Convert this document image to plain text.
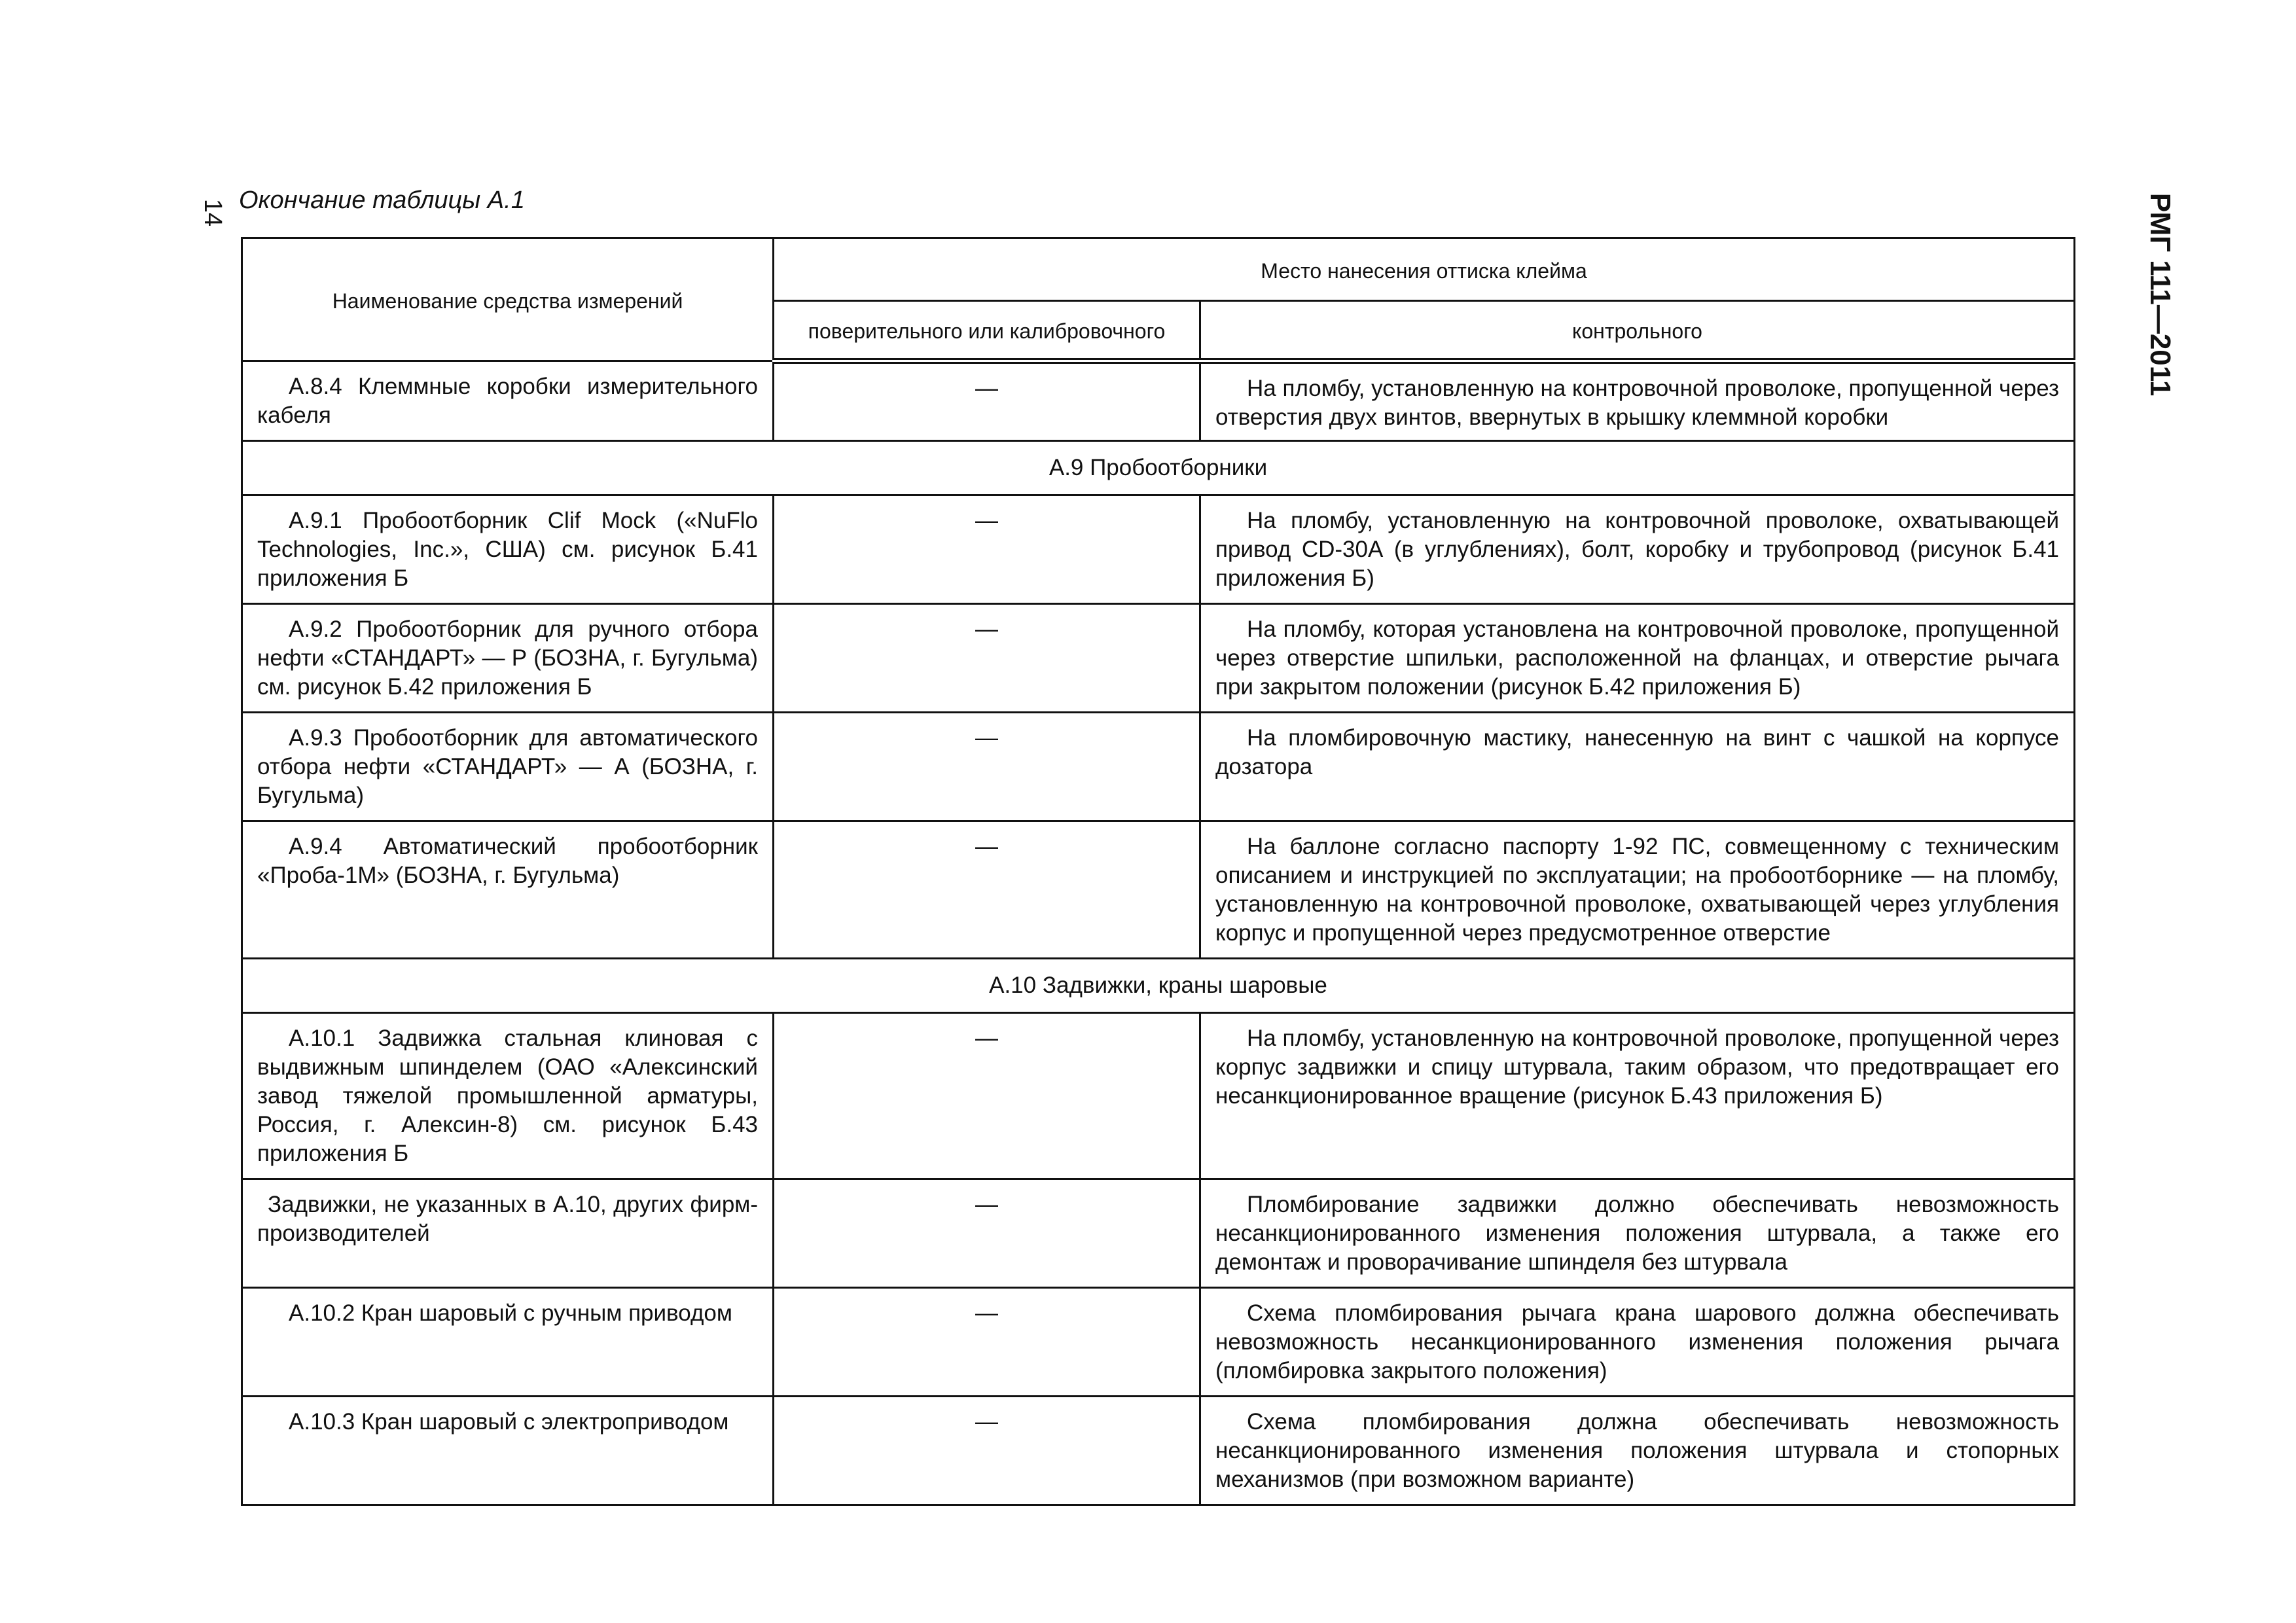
14 Окончание таблицы А.1	РМГ 111—2011
Наименование средства измерений	Место нанесения оттиска клейма	
	поверительного или калибровочного	контрольного
А.8.4 Клеммные коробки измерительного кабеля	—	На пломбу, установленную на контровочной проволоке, пропущенной через отверстия двух винтов, ввернутых в крышку клеммной коробки
А.9 Пробоотборники		
А.9.1 Пробоотборник Clif Mock («NuFlo Technologies, Inc.», США) см. рисунок Б.41 приложения Б	—	На пломбу, установленную на контровочной проволоке, охватывающей привод CD-30А (в углублениях), болт, коробку и трубопровод (рисунок Б.41 приложения Б)
А.9.2 Пробоотборник для ручного отбора нефти «СТАНДАРТ» — Р (БОЗНА, г. Бугульма) см. рисунок Б.42 приложения Б	—	На пломбу, которая установлена на контровочной проволоке, пропущенной через отверстие шпильки, расположенной на фланцах, и отверстие рычага при закрытом положении (рисунок Б.42 приложения Б)
А.9.3 Пробоотборник для автоматического отбора нефти «СТАНДАРТ» — А (БОЗНА, г. Бугульма)	—	На пломбировочную мастику, нанесенную на винт с чашкой на корпусе дозатора
А.9.4 Автоматический пробоотборник «Проба-1М» (БОЗНА, г. Бугульма)	—	На баллоне согласно паспорту 1-92 ПС, совмещенному с техническим описанием и инструкцией по эксплуатации; на пробоотборнике — на пломбу, установленную на контровочной проволоке, охватывающей через углубления корпус и пропущенной через предусмотренное отверстие
А.10 Задвижки, краны шаровые		
А.10.1 Задвижка стальная клиновая с выдвижным шпинделем (ОАО «Алексинский завод тяжелой промышленной арматуры, Россия, г. Алексин-8) см. рисунок Б.43 приложения Б	—	На пломбу, установленную на контровочной проволоке, пропущенной через корпус задвижки и спицу штурвала, таким образом, что предотвращает его несанкционированное вращение (рисунок Б.43 приложения Б)
Задвижки, не указанных в А.10, других фирм-производителей	—	Пломбирование задвижки должно обеспечивать невозможность несанкционированного изменения положения штурвала, а также его демонтаж и проворачивание шпинделя без штурвала
А.10.2 Кран шаровый с ручным приводом	—	Схема пломбирования рычага крана шарового должна обеспечивать невозможность несанкционированного изменения положения рычага (пломбировка закрытого положения)
А.10.3 Кран шаровый с электроприводом	—	Схема пломбирования должна обеспечивать невозможность несанкционированного изменения положения штурвала и стопорных механизмов (при возможном варианте)
